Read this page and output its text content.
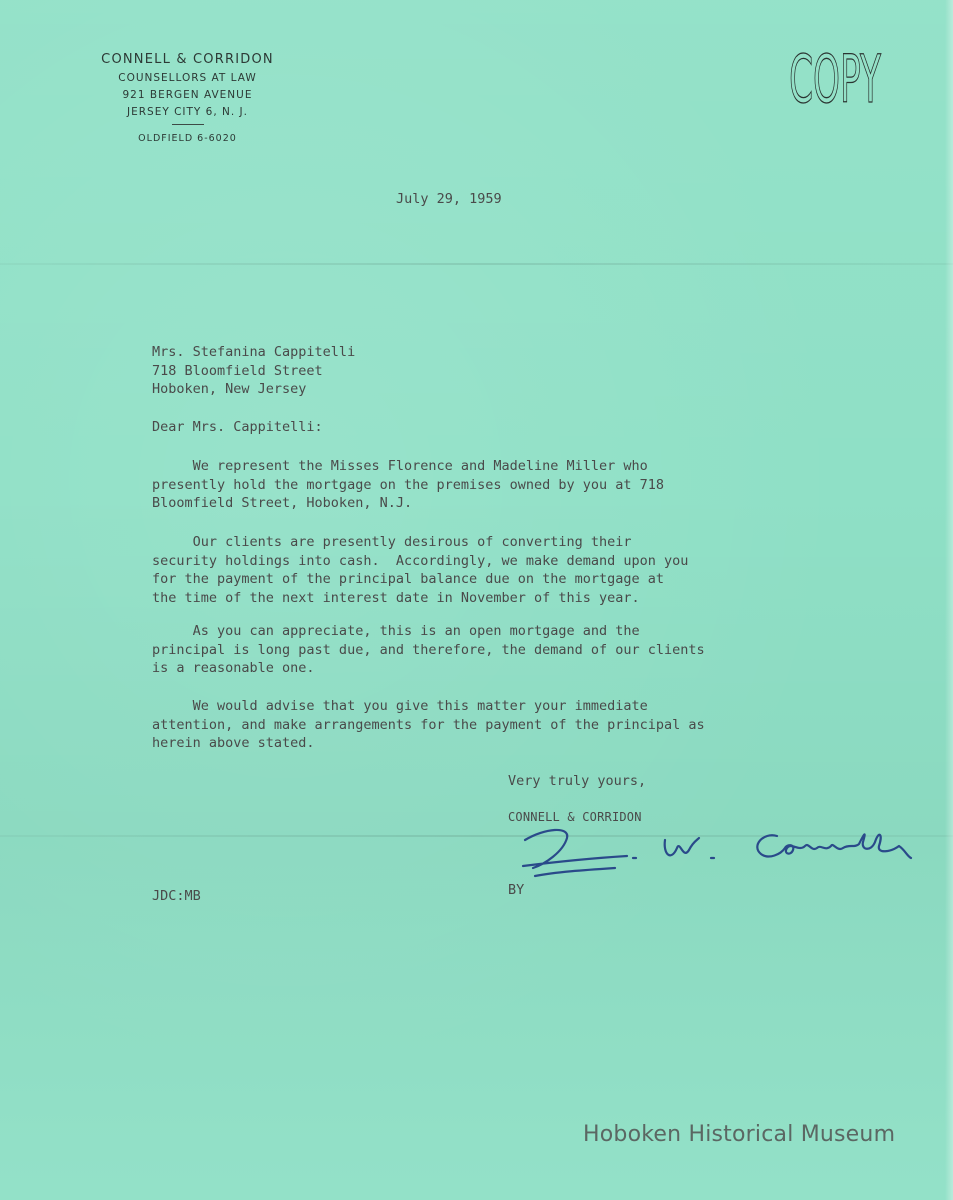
CONNELL & CORRIDON
COUNSELLORS AT LAW
921 BERGEN AVENUE
JERSEY CITY 6, N. J.
OLDFIELD 6-6020
COPY
July 29, 1959
Mrs. Stefanina Cappitelli
718 Bloomfield Street
Hoboken, New Jersey
Dear Mrs. Cappitelli:
We represent the Misses Florence and Madeline Miller who
presently hold the mortgage on the premises owned by you at 718
Bloomfield Street, Hoboken, N.J.
Our clients are presently desirous of converting their
security holdings into cash.  Accordingly, we make demand upon you
for the payment of the principal balance due on the mortgage at
the time of the next interest date in November of this year.
As you can appreciate, this is an open mortgage and the
principal is long past due, and therefore, the demand of our clients
is a reasonable one.
We would advise that you give this matter your immediate
attention, and make arrangements for the payment of the principal as
herein above stated.
Very truly yours,
CONNELL & CORRIDON
BY
JDC:MB
Hoboken Historical Museum
